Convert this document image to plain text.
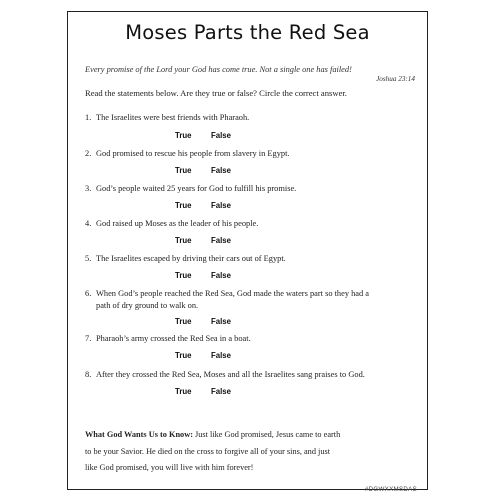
Moses Parts the Red Sea
Every promise of the Lord your God has come true. Not a single one has failed!
Joshua 23:14
Read the statements below. Are they true or false? Circle the correct answer.
1. The Israelites were best friends with Pharaoh.
True	False
2. God promised to rescue his people from slavery in Egypt.
True	False
3. God’s people waited 25 years for God to fulfill his promise.
True	False
4. God raised up Moses as the leader of his people.
True	False
5. The Israelites escaped by driving their cars out of Egypt.
True	False
6. When God’s people reached the Red Sea, God made the waters part so they had a
path of dry ground to walk on.
True	False
7. Pharaoh’s army crossed the Red Sea in a boat.
True	False
8. After they crossed the Red Sea, Moses and all the Israelites sang praises to God.
True	False
What God Wants Us to Know: Just like God promised, Jesus came to earth
to be your Savior. He died on the cross to forgive all of your sins, and just
like God promised, you will live with him forever!
#DGWXXMSDAS
